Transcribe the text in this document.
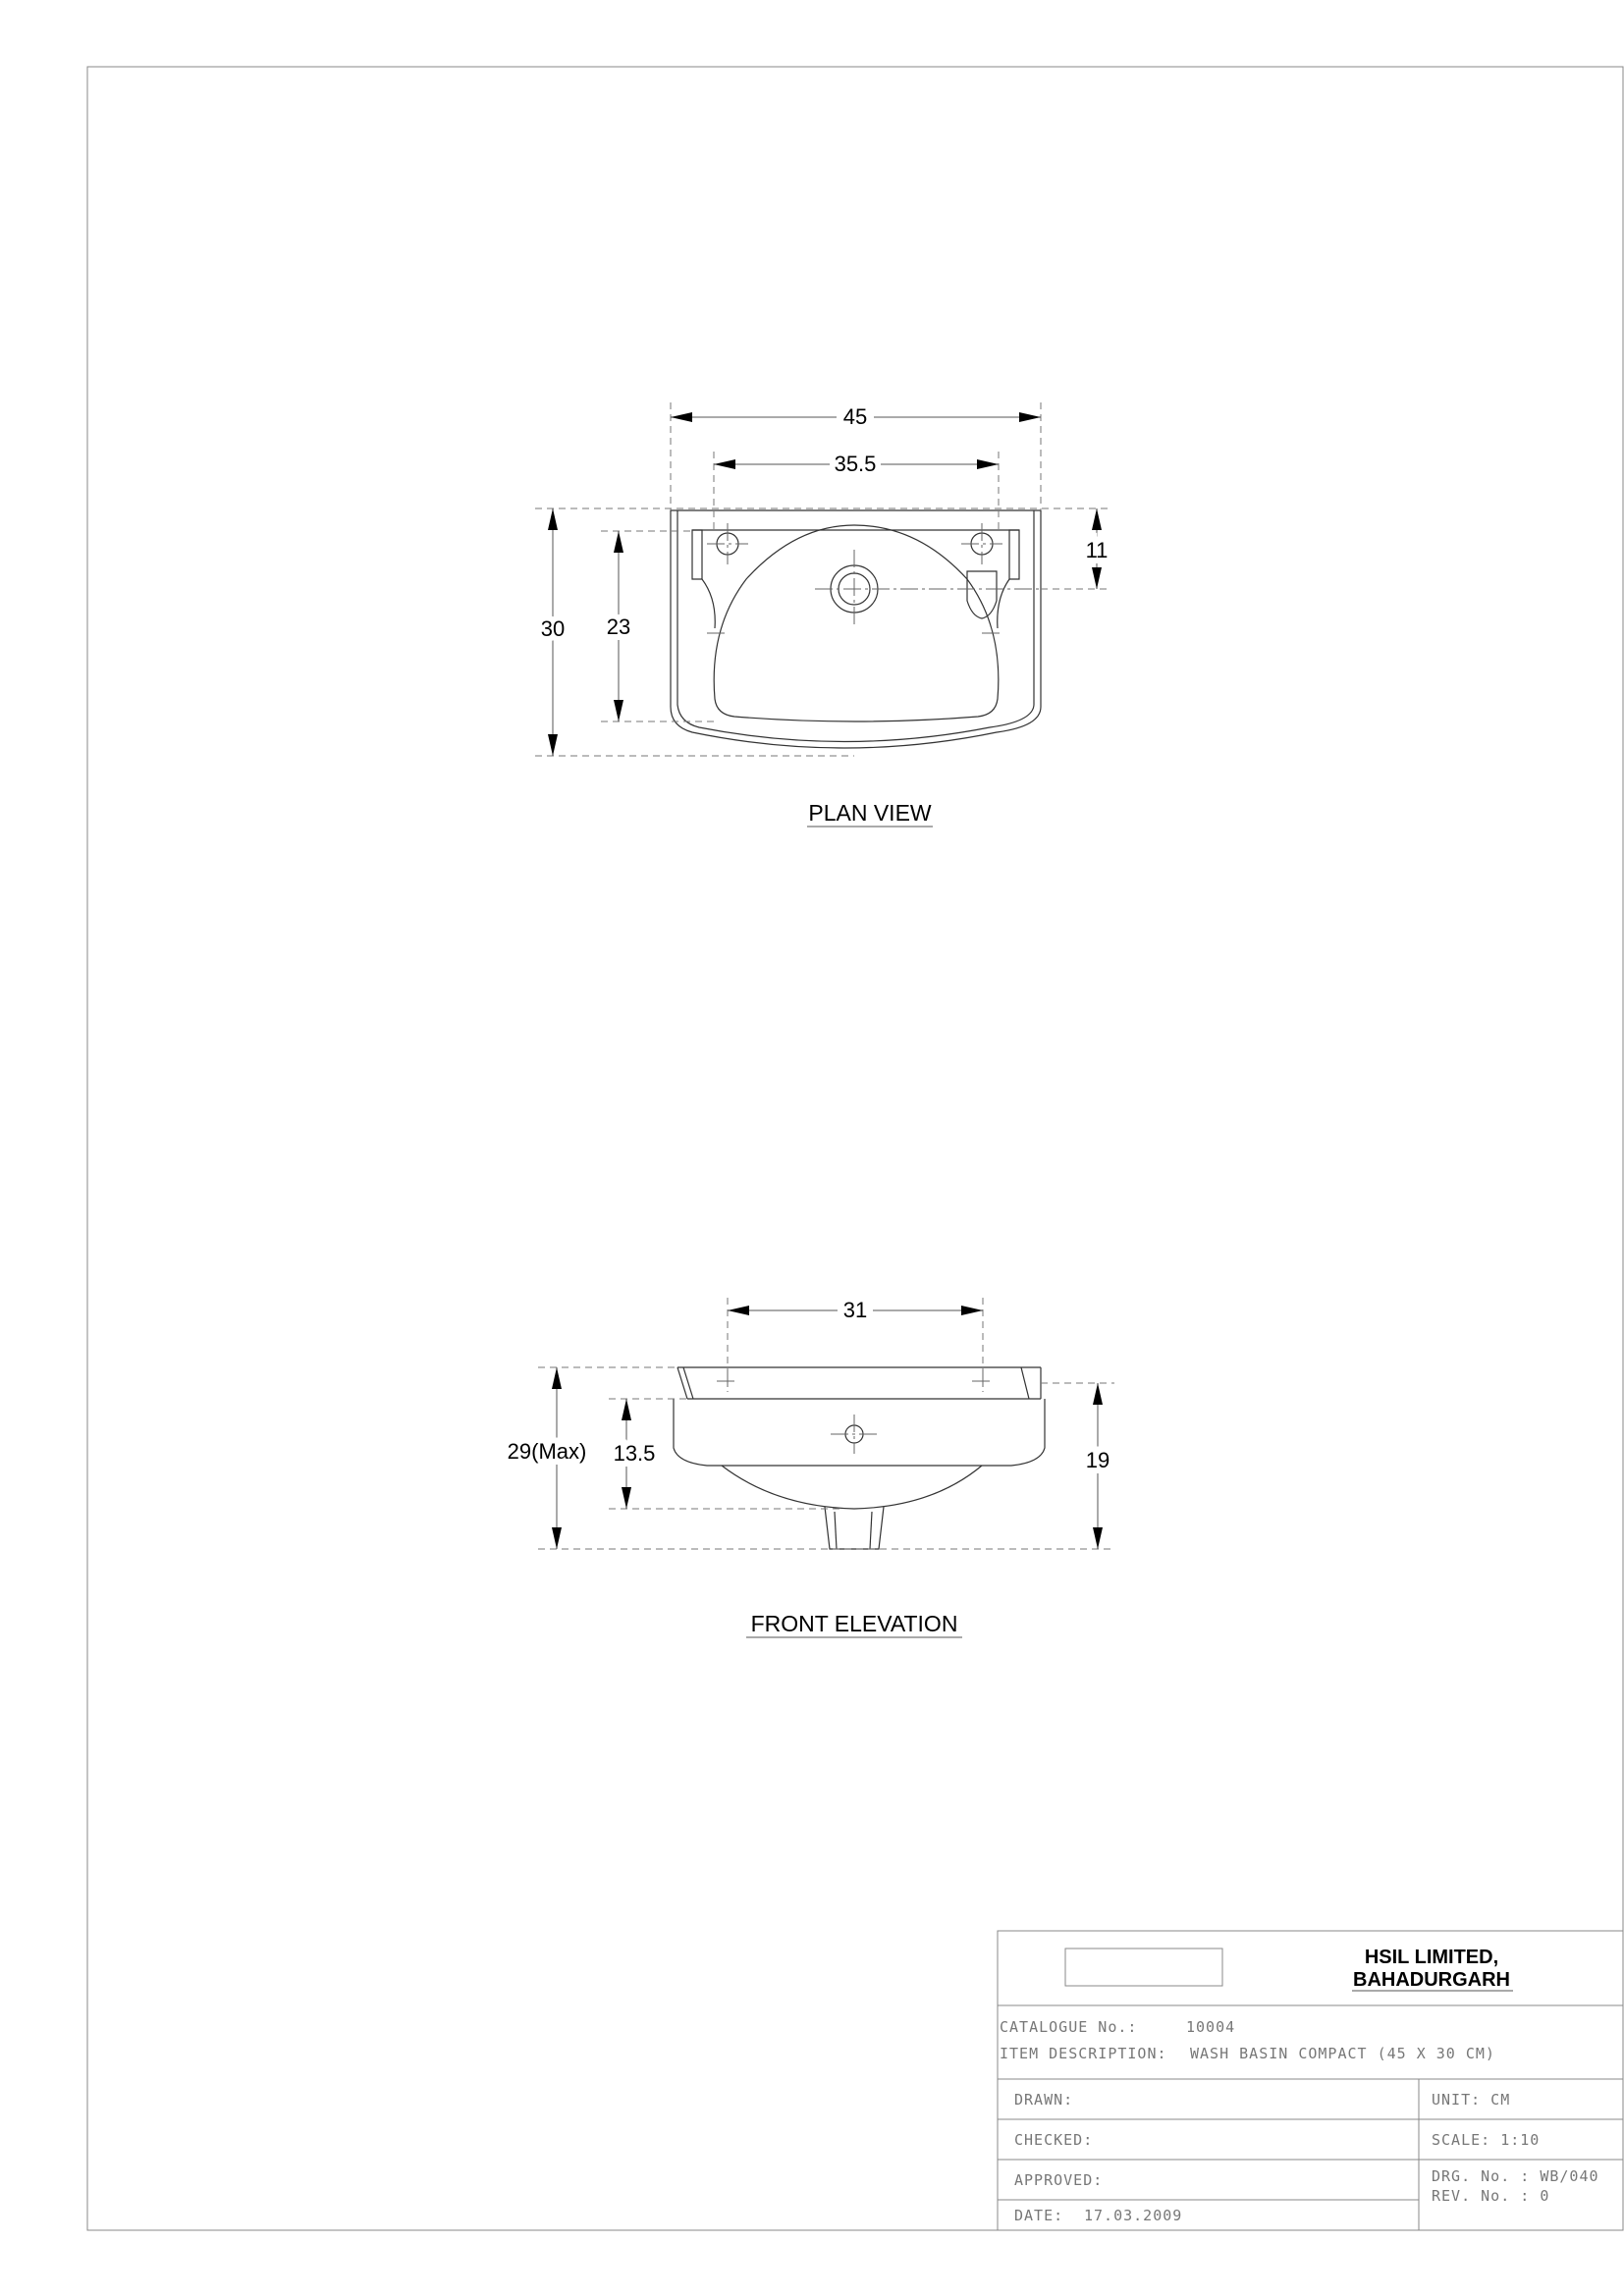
45
35.5
30 23
11
PLAN VIEW
31
29(Max) 13.5	19
FRONT ELEVATION
HSIL LIMITED,
BAHADURGARH
CATALOGUE No.:	10004
ITEM DESCRIPTION: WASH BASIN COMPACT (45 X 30 CM)
DRAWN:
CHECKED:
APPROVED:
DATE: 17.03.2009
UNIT: CM
SCALE: 1:10
DRG. No. : WB/040
REV. No. : 0
